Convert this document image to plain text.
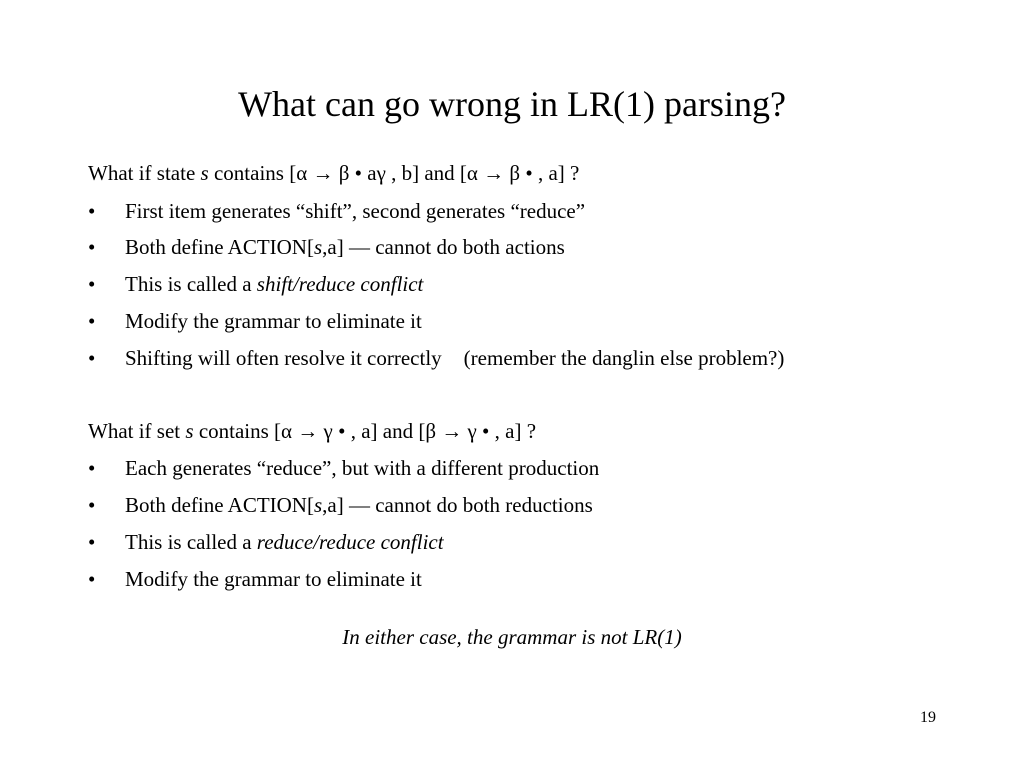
What can go wrong in LR(1) parsing?
What if state s contains [α → β • aγ , b] and [α → β • , a] ?
• First item generates “shift”, second generates “reduce”
• Both define ACTION[s,a] — cannot do both actions
• This is called a shift/reduce conflict
• Modify the grammar to eliminate it
• Shifting will often resolve it correctly (remember the danglin else problem?)
What if set s contains [α → γ • , a] and [β → γ • , a] ?
• Each generates “reduce”, but with a different production
• Both define ACTION[s,a] — cannot do both reductions
• This is called a reduce/reduce conflict
• Modify the grammar to eliminate it
In either case, the grammar is not LR(1)
19
